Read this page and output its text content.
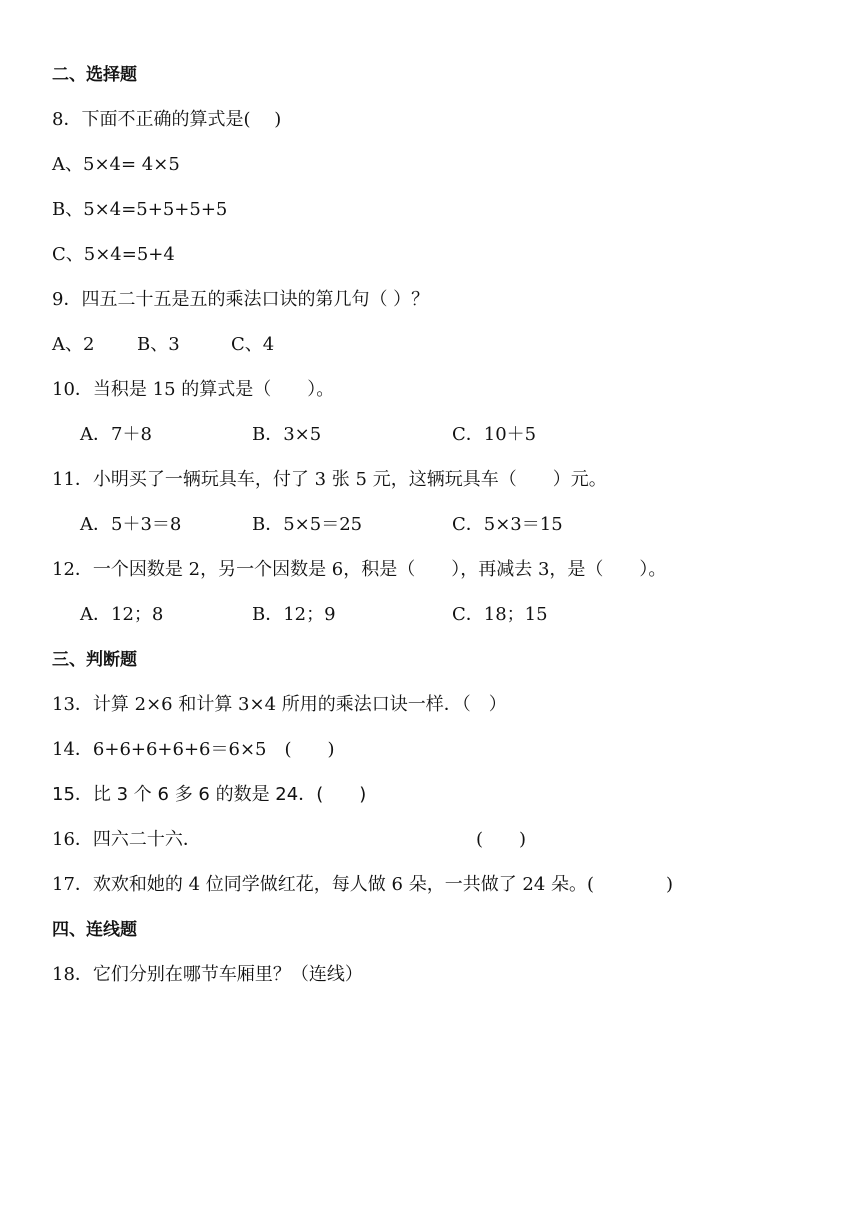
二、选择题
8．下面不正确的算式是(　 )
A、5×4= 4×5
B、5×4=5+5+5+5
C、5×4=5+4
9．四五二十五是五的乘法口诀的第几句（ ）？
A、2 B、3	C、4
10．当积是 15 的算式是（　　）。
A．7＋8	B．3×5	C．10＋5
11．小明买了一辆玩具车，付了 3 张 5 元，这辆玩具车（　　）元。
A．5＋3＝8	B．5×5＝25	C．5×3＝15
12．一个因数是 2，另一个因数是 6，积是（　　），再减去 3，是（　　）。
A．12；8	B．12；9	C．18；15
三、判断题
13．计算 2×6 和计算 3×4 所用的乘法口诀一样．（　）
14．6+6+6+6+6＝6×5　(　　)
15．比 3 个 6 多 6 的数是 24．(　　)
16．四六二十六．	(　　)
17．欢欢和她的 4 位同学做红花，每人做 6 朵，一共做了 24 朵。(　　　　)
四、连线题
18．它们分别在哪节车厢里？（连线）
